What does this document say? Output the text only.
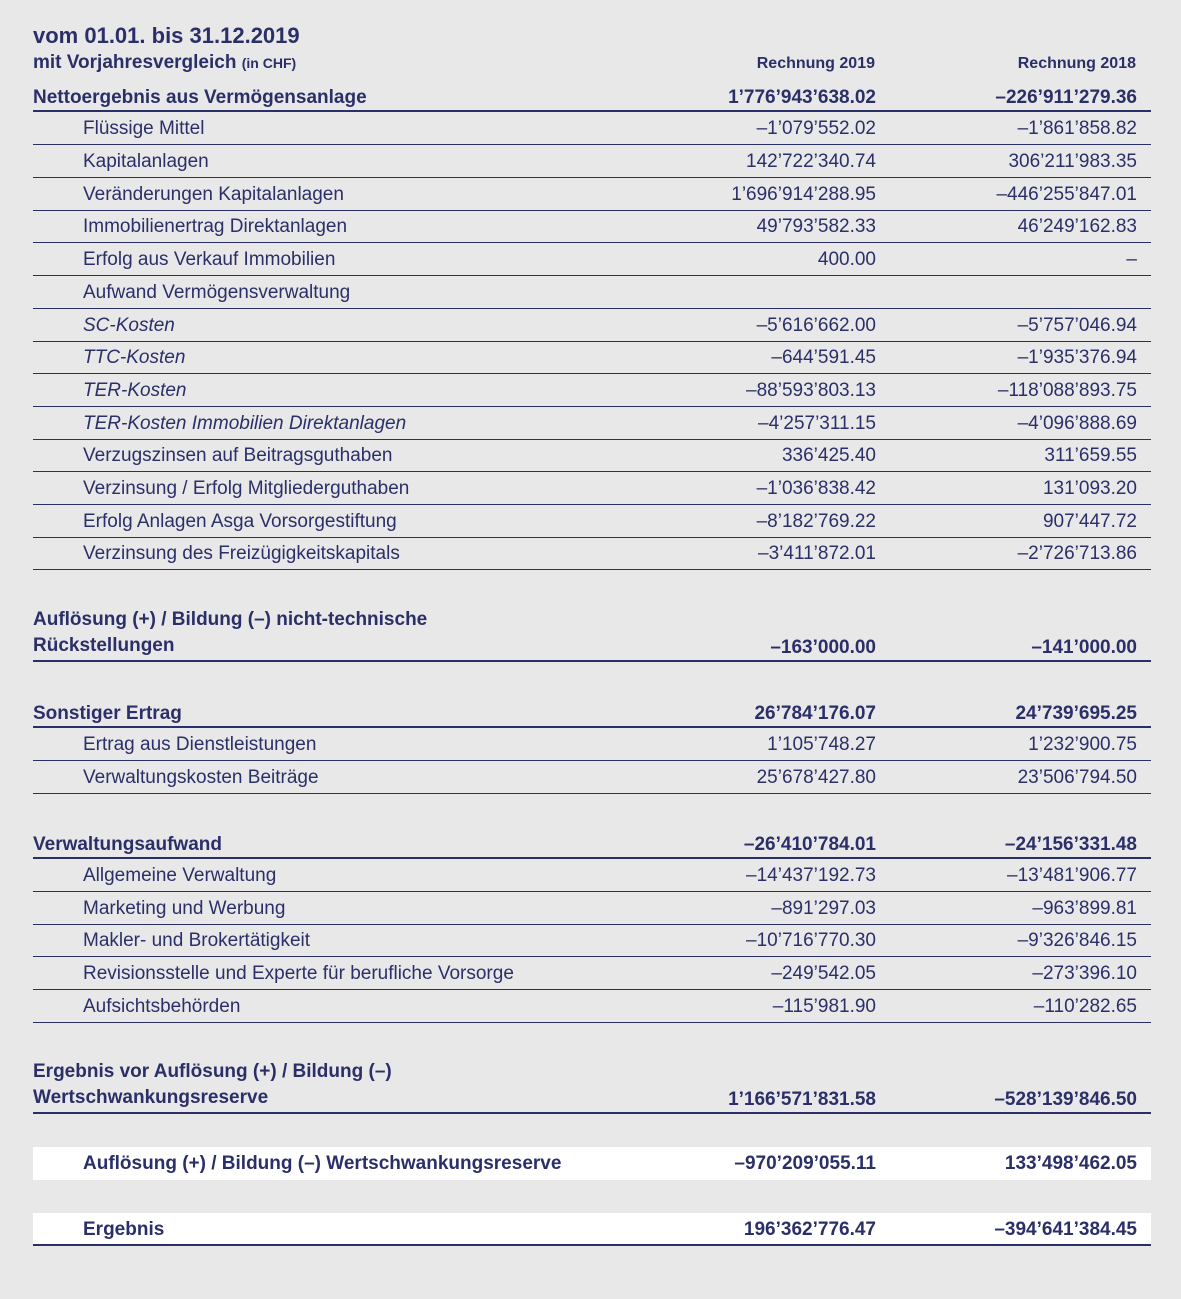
vom 01.01. bis 31.12.2019
mit Vorjahresvergleich (in CHF)	Rechnung 2019	Rechnung 2018
Nettoergebnis aus Vermögensanlage	1’776’943’638.02	–226’911’279.36
Flüssige Mittel	–1’079’552.02	–1’861’858.82
Kapitalanlagen	142’722’340.74	306’211’983.35
Veränderungen Kapitalanlagen	1’696’914’288.95	–446’255’847.01
Immobilienertrag Direktanlagen	49’793’582.33	46’249’162.83
Erfolg aus Verkauf Immobilien	400.00	–
Aufwand Vermögensverwaltung
SC-Kosten	–5’616’662.00	–5’757’046.94
TTC-Kosten	–644’591.45	–1’935’376.94
TER-Kosten	–88’593’803.13	–118’088’893.75
TER-Kosten Immobilien Direktanlagen	–4’257’311.15	–4’096’888.69
Verzugszinsen auf Beitragsguthaben	336’425.40	311’659.55
Verzinsung / Erfolg Mitgliederguthaben	–1’036’838.42	131’093.20
Erfolg Anlagen Asga Vorsorgestiftung	–8’182’769.22	907’447.72
Verzinsung des Freizügigkeitskapitals	–3’411’872.01	–2’726’713.86
Auflösung (+) / Bildung (–) nicht-technische
Rückstellungen	–163’000.00	–141’000.00
Sonstiger Ertrag	26’784’176.07	24’739’695.25
Ertrag aus Dienstleistungen	1’105’748.27	1’232’900.75
Verwaltungskosten Beiträge	25’678’427.80	23’506’794.50
Verwaltungsaufwand	–26’410’784.01	–24’156’331.48
Allgemeine Verwaltung	–14’437’192.73	–13’481’906.77
Marketing und Werbung	–891’297.03	–963’899.81
Makler- und Brokertätigkeit	–10’716’770.30	–9’326’846.15
Revisionsstelle und Experte für berufliche Vorsorge	–249’542.05	–273’396.10
Aufsichtsbehörden	–115’981.90	–110’282.65
Ergebnis vor Auflösung (+) / Bildung (–)
Wertschwankungsreserve	1’166’571’831.58	–528’139’846.50
Auflösung (+) / Bildung (–) Wertschwankungsreserve	–970’209’055.11	133’498’462.05
Ergebnis	196’362’776.47	–394’641’384.45
